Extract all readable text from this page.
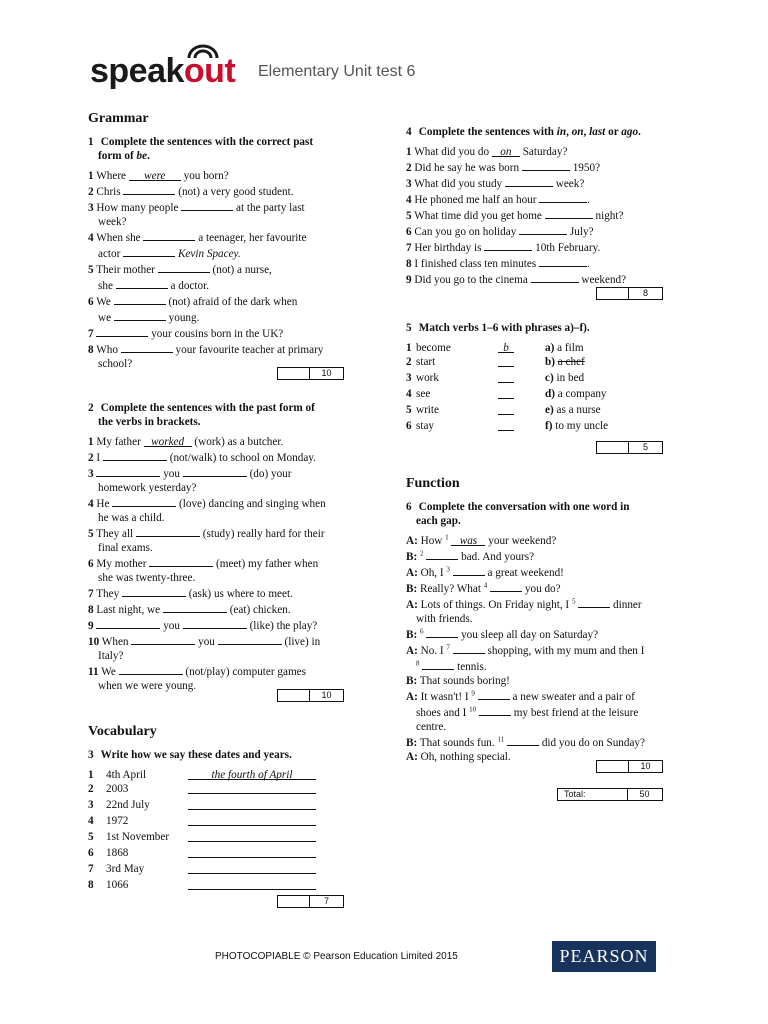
speakout Elementary Unit test 6
Grammar
1 Complete the sentences with the correct past
form of be.
1 Where were you born?
2 Chris	(not) a very good student.
3 How many people	at the party last
week?
4 When she	a teenager, her favourite
actor	Kevin Spacey.
5 Their mother	(not) a nurse,
she	a doctor.
6 We	(not) afraid of the dark when
we	young.
7	your cousins born in the UK?
8 Who	your favourite teacher at primary
school?
10
2 Complete the sentences with the past form of
the verbs in brackets.
1 My father worked (work) as a butcher.
2 I	(not/walk) to school on Monday.
3	you	(do) your
homework yesterday?
4 He	(love) dancing and singing when
he was a child.
5 They all	(study) really hard for their
final exams.
6 My mother	(meet) my father when
she was twenty-three.
7 They	(ask) us where to meet.
8 Last night, we	(eat) chicken.
9	you	(like) the play?
10 When	you	(live) in
Italy?
11 We	(not/play) computer games
when we were young.
10
Vocabulary
3 Write how we say these dates and years.
1	4th April	the fourth of April
2	2003	
3	22nd July	
4	1972	
5	1st November	
6	1868	
7	3rd May	
8	1066	
7
4 Complete the sentences with in, on, last or ago.
1 What did you do on Saturday?
2 Did he say he was born	1950?
3 What did you study	week?
4 He phoned me half an hour	.
5 What time did you get home	night?
6 Can you go on holiday	July?
7 Her birthday is	10th February.
8 I finished class ten minutes	.
9 Did you go to the cinema	weekend?
8
5 Match verbs 1–6 with phrases a)–f).
1	become	b	a) a film
2	start		b) a chef
3	work		c) in bed
4	see		d) a company
5	write		e) as a nurse
6	stay		f) to my uncle
5
Function
6 Complete the conversation with one word in
each gap.
A: How $^1$ was your weekend?
B: $^2$	bad. And yours?
A: Oh, I $^3$	a great weekend!
B: Really? What $^4$	you do?
A: Lots of things. On Friday night, I $^5$	dinner
with friends.
B: $^6$	you sleep all day on Saturday?
A: No. I $^7$	shopping, with my mum and then I
$^8$	tennis.
B: That sounds boring!
A: It wasn't! I $^9$	a new sweater and a pair of
shoes and I $^{10}$	my best friend at the leisure
centre.
B: That sounds fun. $^{11}$	did you do on Sunday?
A: Oh, nothing special.
10
Total:	50
PHOTOCOPIABLE © Pearson Education Limited 2015	PEARSON
